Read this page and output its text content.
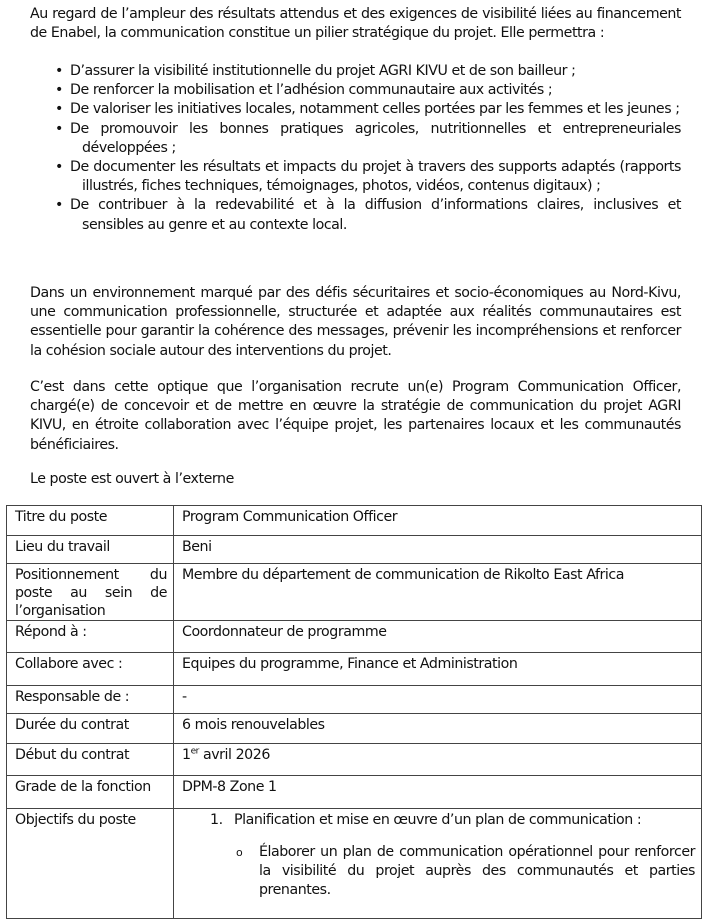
Au regard de l’ampleur des résultats attendus et des exigences de visibilité liées au financement de Enabel, la communication constitue un pilier stratégique du projet. Elle permettra :

• D’assurer la visibilité institutionnelle du projet AGRI KIVU et de son bailleur ;
• De renforcer la mobilisation et l’adhésion communautaire aux activités ;
• De valoriser les initiatives locales, notamment celles portées par les femmes et les jeunes ;
• De promouvoir les bonnes pratiques agricoles, nutritionnelles et entrepreneuriales développées ;
• De documenter les résultats et impacts du projet à travers des supports adaptés (rapports illustrés, fiches techniques, témoignages, photos, vidéos, contenus digitaux) ;
• De contribuer à la redevabilité et à la diffusion d’informations claires, inclusives et sensibles au genre et au contexte local.

Dans un environnement marqué par des défis sécuritaires et socio-économiques au Nord-Kivu, une communication professionnelle, structurée et adaptée aux réalités communautaires est essentielle pour garantir la cohérence des messages, prévenir les incompréhensions et renforcer la cohésion sociale autour des interventions du projet.

C’est dans cette optique que l’organisation recrute un(e) Program Communication Officer, chargé(e) de concevoir et de mettre en œuvre la stratégie de communication du projet AGRI KIVU, en étroite collaboration avec l’équipe projet, les partenaires locaux et les communautés bénéficiaires.

Le poste est ouvert à l’externe

Titre du poste	Program Communication Officer
Lieu du travail	Beni
Positionnement du poste au sein de l’organisation	Membre du département de communication de Rikolto East Africa
Répond à :	Coordonnateur de programme
Collabore avec :	Equipes du programme, Finance et Administration
Responsable de :	-
Durée du contrat	6 mois renouvelables
Début du contrat	1er avril 2026
Grade de la fonction	DPM-8 Zone 1
Objectifs du poste	1. Planification et mise en œuvre d’un plan de communication :
o Élaborer un plan de communication opérationnel pour renforcer la visibilité du projet auprès des communautés et parties prenantes.
